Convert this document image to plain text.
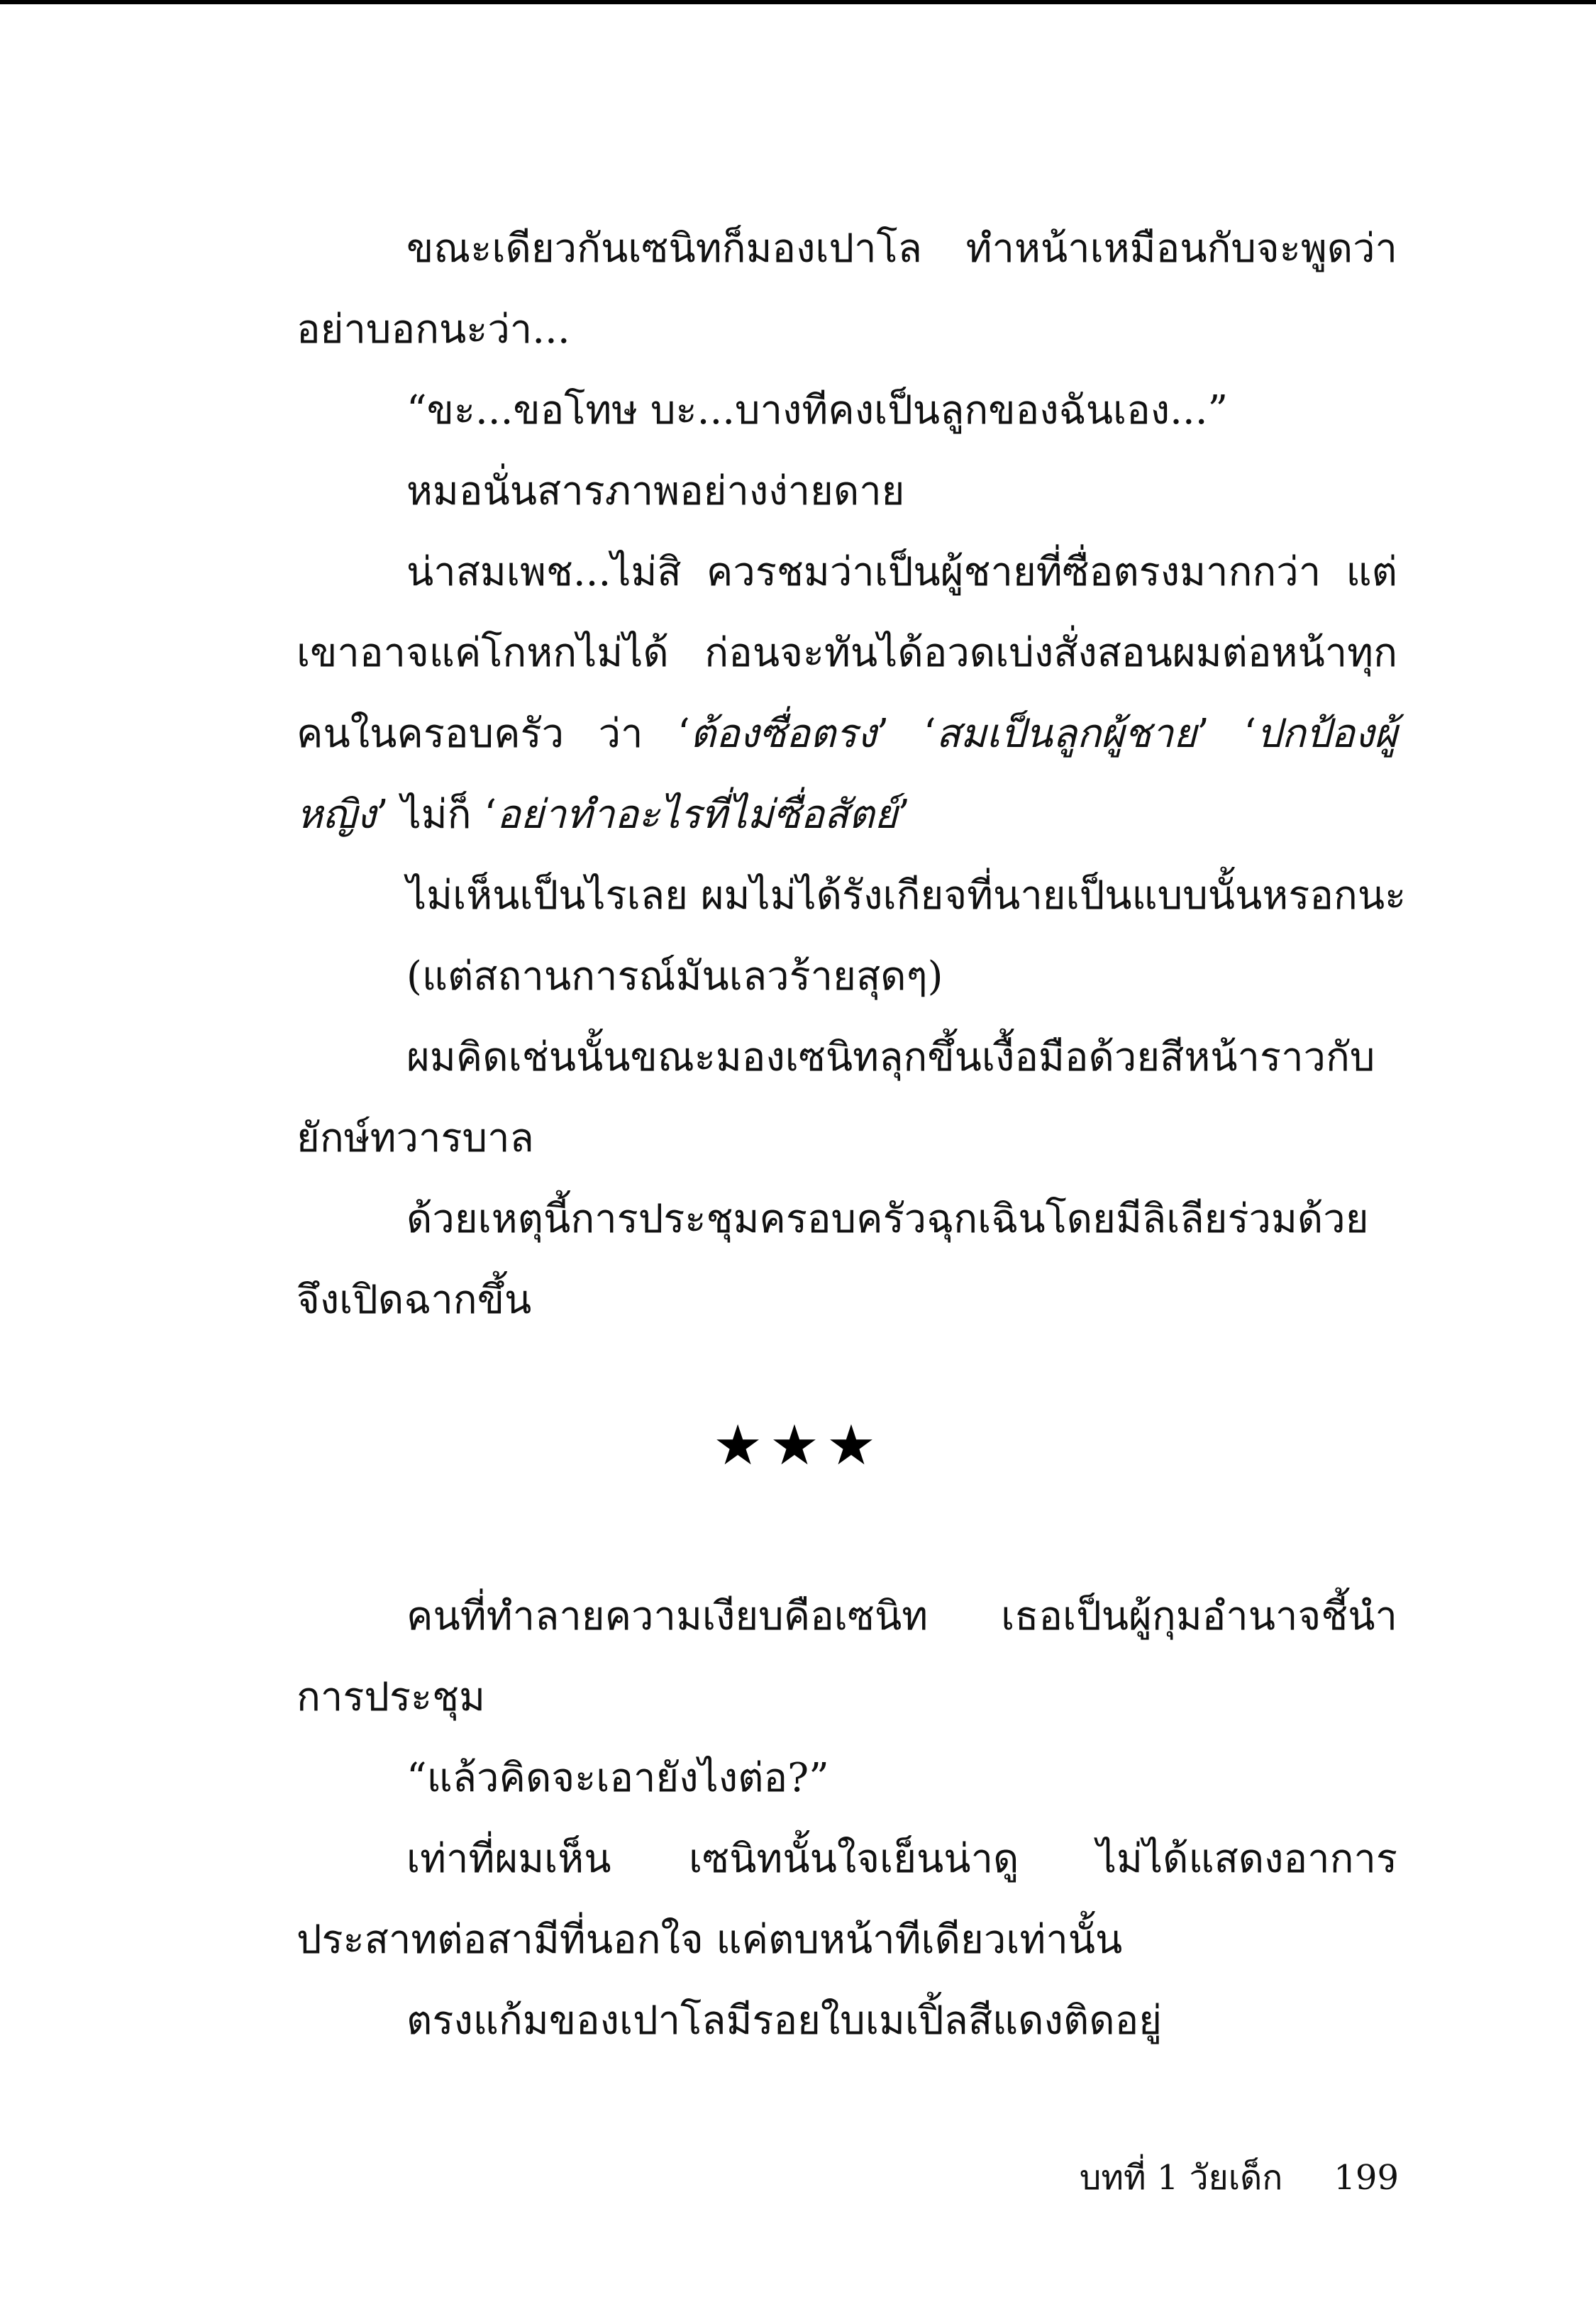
ขณะเดียวกันเซนิทก็มองเปาโล ทำหน้าเหมือนกับจะพูดว่าอย่าบอกนะว่า...

“ขะ...ขอโทษ บะ...บางทีคงเป็นลูกของฉันเอง...”

หมอนั่นสารภาพอย่างง่ายดาย

น่าสมเพช...ไม่สิ ควรชมว่าเป็นผู้ชายที่ซื่อตรงมากกว่า แต่เขาอาจแค่โกหกไม่ได้ ก่อนจะทันได้อวดเบ่งสั่งสอนผมต่อหน้าทุกคนในครอบครัว ว่า ‘ต้องซื่อตรง’ ‘สมเป็นลูกผู้ชาย’ ‘ปกป้องผู้หญิง’ ไม่ก็ ‘อย่าทำอะไรที่ไม่ซื่อสัตย์’

ไม่เห็นเป็นไรเลย ผมไม่ได้รังเกียจที่นายเป็นแบบนั้นหรอกนะ

(แต่สถานการณ์มันเลวร้ายสุดๆ)

ผมคิดเช่นนั้นขณะมองเซนิทลุกขึ้นเงื้อมือด้วยสีหน้าราวกับยักษ์ทวารบาล

ด้วยเหตุนี้การประชุมครอบครัวฉุกเฉินโดยมีลิเลียร่วมด้วยจึงเปิดฉากขึ้น

★★★

คนที่ทำลายความเงียบคือเซนิท เธอเป็นผู้กุมอำนาจชี้นำการประชุม

“แล้วคิดจะเอายังไงต่อ?”

เท่าที่ผมเห็น เซนิทนั้นใจเย็นน่าดู ไม่ได้แสดงอาการประสาทต่อสามีที่นอกใจ แค่ตบหน้าทีเดียวเท่านั้น

ตรงแก้มของเปาโลมีรอยใบเมเปิ้ลสีแดงติดอยู่

บทที่ 1 วัยเด็ก 199
